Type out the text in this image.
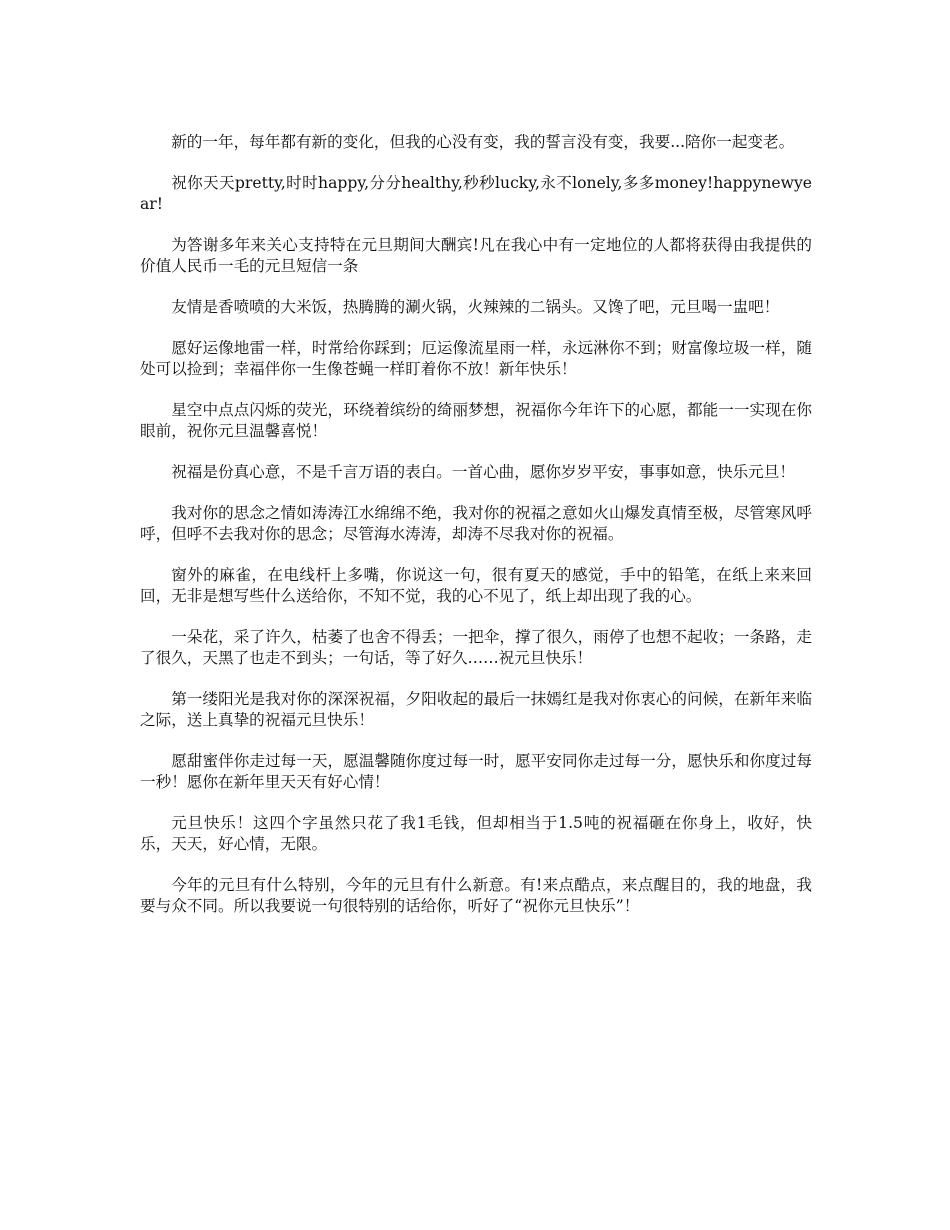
新的一年，每年都有新的变化，但我的心没有变，我的誓言没有变，我要...陪你一起变老。

祝你天天pretty,时时happy,分分healthy,秒秒lucky,永不lonely,多多money!happynewyear!

为答谢多年来关心支持特在元旦期间大酬宾!凡在我心中有一定地位的人都将获得由我提供的价值人民币一毛的元旦短信一条

友情是香喷喷的大米饭，热腾腾的涮火锅，火辣辣的二锅头。又馋了吧，元旦喝一盅吧！

愿好运像地雷一样，时常给你踩到；厄运像流星雨一样，永远淋你不到；财富像垃圾一样，随处可以捡到；幸福伴你一生像苍蝇一样盯着你不放！新年快乐！

星空中点点闪烁的荧光，环绕着缤纷的绮丽梦想，祝福你今年许下的心愿，都能一一实现在你眼前，祝你元旦温馨喜悦！

祝福是份真心意，不是千言万语的表白。一首心曲，愿你岁岁平安，事事如意，快乐元旦！

我对你的思念之情如涛涛江水绵绵不绝，我对你的祝福之意如火山爆发真情至极，尽管寒风呼呼，但呼不去我对你的思念；尽管海水涛涛，却涛不尽我对你的祝福。

窗外的麻雀，在电线杆上多嘴，你说这一句，很有夏天的感觉，手中的铅笔，在纸上来来回回，无非是想写些什么送给你，不知不觉，我的心不见了，纸上却出现了我的心。

一朵花，采了许久，枯萎了也舍不得丢；一把伞，撑了很久，雨停了也想不起收；一条路，走了很久，天黑了也走不到头；一句话，等了好久……祝元旦快乐！

第一缕阳光是我对你的深深祝福，夕阳收起的最后一抹嫣红是我对你衷心的问候，在新年来临之际，送上真挚的祝福元旦快乐！

愿甜蜜伴你走过每一天，愿温馨随你度过每一时，愿平安同你走过每一分，愿快乐和你度过每一秒！愿你在新年里天天有好心情！

元旦快乐！这四个字虽然只花了我1毛钱，但却相当于1.5吨的祝福砸在你身上，收好，快乐，天天，好心情，无限。

今年的元旦有什么特别，今年的元旦有什么新意。有!来点酷点，来点醒目的，我的地盘，我要与众不同。所以我要说一句很特别的话给你，听好了“祝你元旦快乐”！
